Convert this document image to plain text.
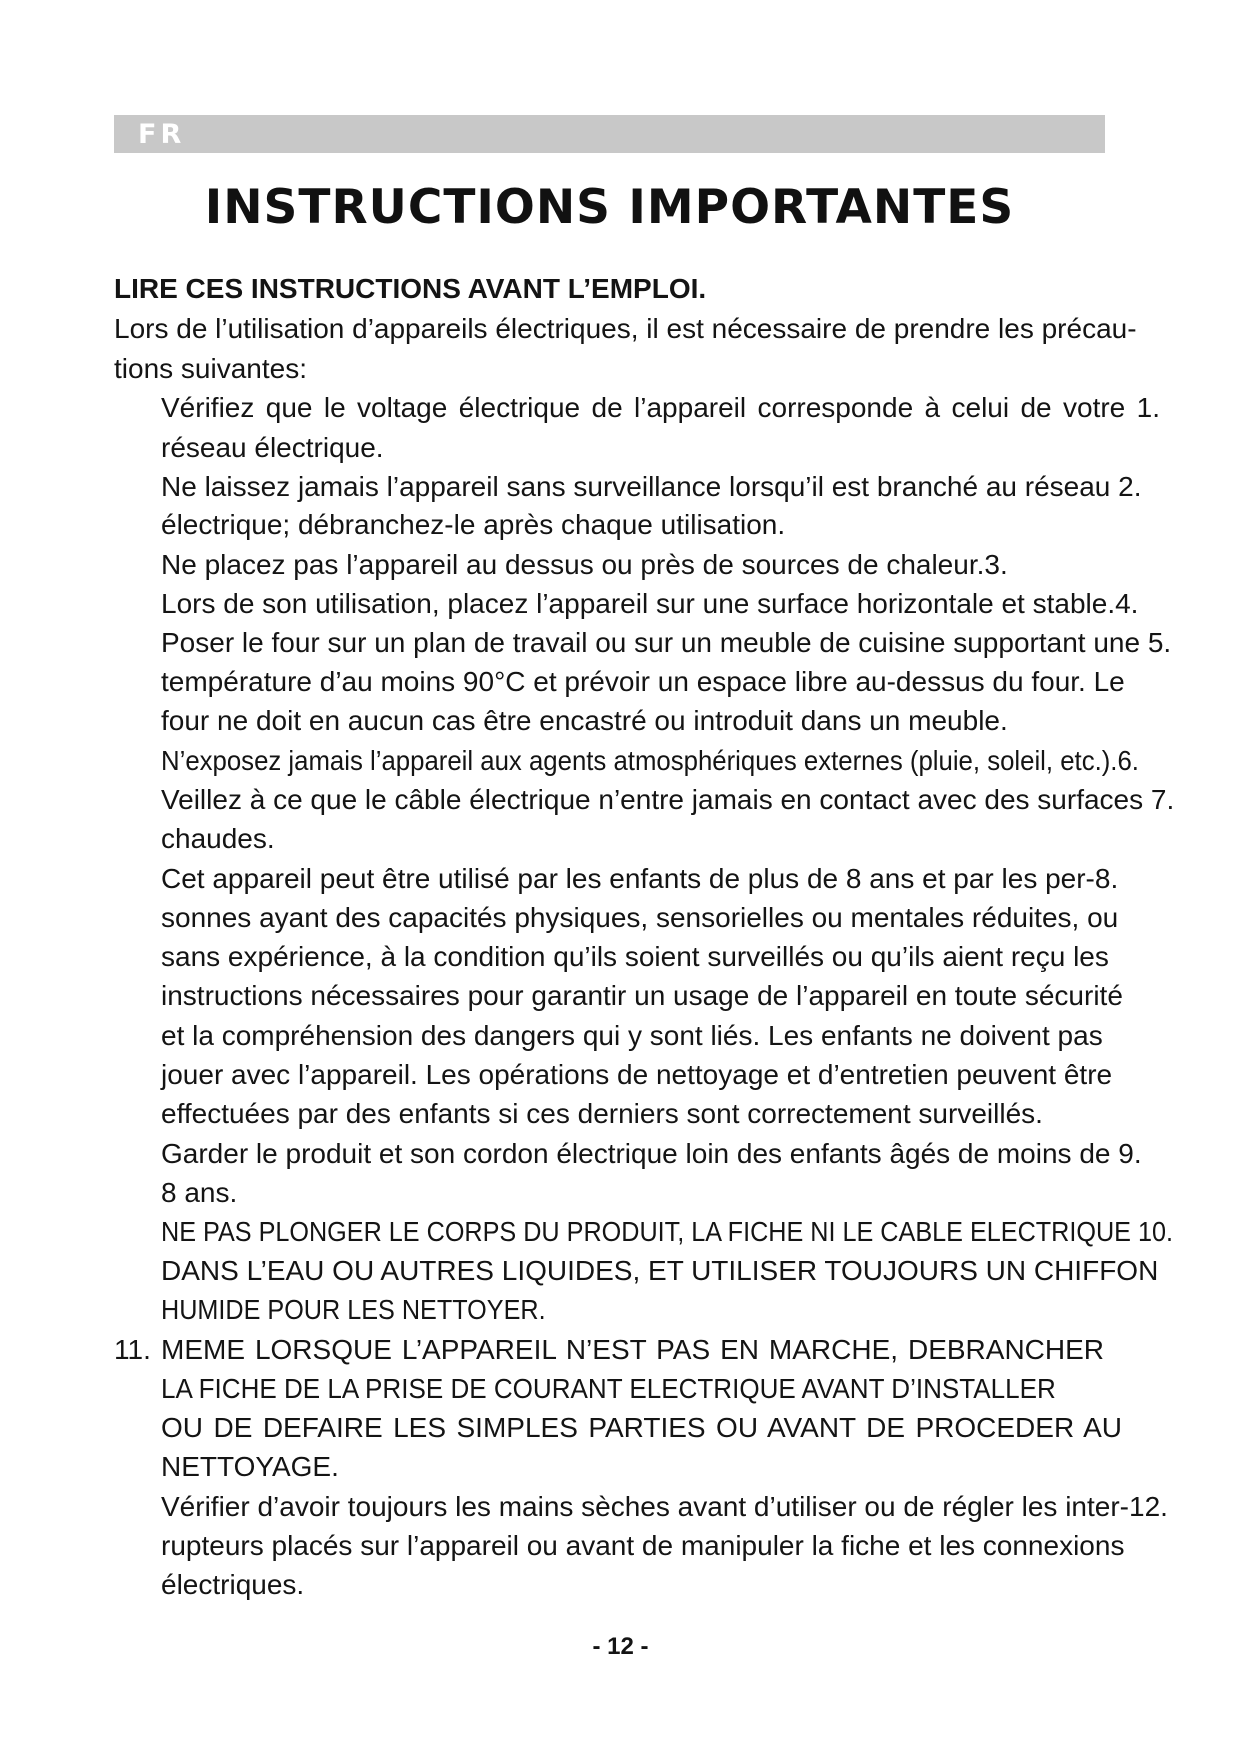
FR
INSTRUCTIONS IMPORTANTES
LIRE CES INSTRUCTIONS AVANT L’EMPLOI.
Lors de l’utilisation d’appareils électriques, il est nécessaire de prendre les précau-
tions suivantes:
Vérifiez que le voltage électrique de l’appareil corresponde à celui de votre 1.
réseau électrique.
Ne laissez jamais l’appareil sans surveillance lorsqu’il est branché au réseau 2.
électrique; débranchez-le après chaque utilisation.
Ne placez pas l’appareil au dessus ou près de sources de chaleur.3.
Lors de son utilisation, placez l’appareil sur une surface horizontale et stable.4.
Poser le four sur un plan de travail ou sur un meuble de cuisine supportant une 5.
température d’au moins 90°C et prévoir un espace libre au-dessus du four. Le
four ne doit en aucun cas être encastré ou introduit dans un meuble.
N’exposez jamais l’appareil aux agents atmosphériques externes (pluie, soleil, etc.).6.
Veillez à ce que le câble électrique n’entre jamais en contact avec des surfaces 7.
chaudes.
Cet appareil peut être utilisé par les enfants de plus de 8 ans et par les per-8.
sonnes ayant des capacités physiques, sensorielles ou mentales réduites, ou
sans expérience, à la condition qu’ils soient surveillés ou qu’ils aient reçu les
instructions nécessaires pour garantir un usage de l’appareil en toute sécurité
et la compréhension des dangers qui y sont liés. Les enfants ne doivent pas
jouer avec l’appareil. Les opérations de nettoyage et d’entretien peuvent être
effectuées par des enfants si ces derniers sont correctement surveillés.
Garder le produit et son cordon électrique loin des enfants âgés de moins de 9.
8 ans.
NE PAS PLONGER LE CORPS DU PRODUIT, LA FICHE NI LE CABLE ELECTRIQUE 10.
DANS L’EAU OU AUTRES LIQUIDES, ET UTILISER TOUJOURS UN CHIFFON
HUMIDE POUR LES NETTOYER.
11. MEME LORSQUE L’APPAREIL N’EST PAS EN MARCHE, DEBRANCHER
LA FICHE DE LA PRISE DE COURANT ELECTRIQUE AVANT D’INSTALLER
OU DE DEFAIRE LES SIMPLES PARTIES OU AVANT DE PROCEDER AU
NETTOYAGE.
Vérifier d’avoir toujours les mains sèches avant d’utiliser ou de régler les inter-12.
rupteurs placés sur l’appareil ou avant de manipuler la fiche et les connexions
électriques.
- 12 -
